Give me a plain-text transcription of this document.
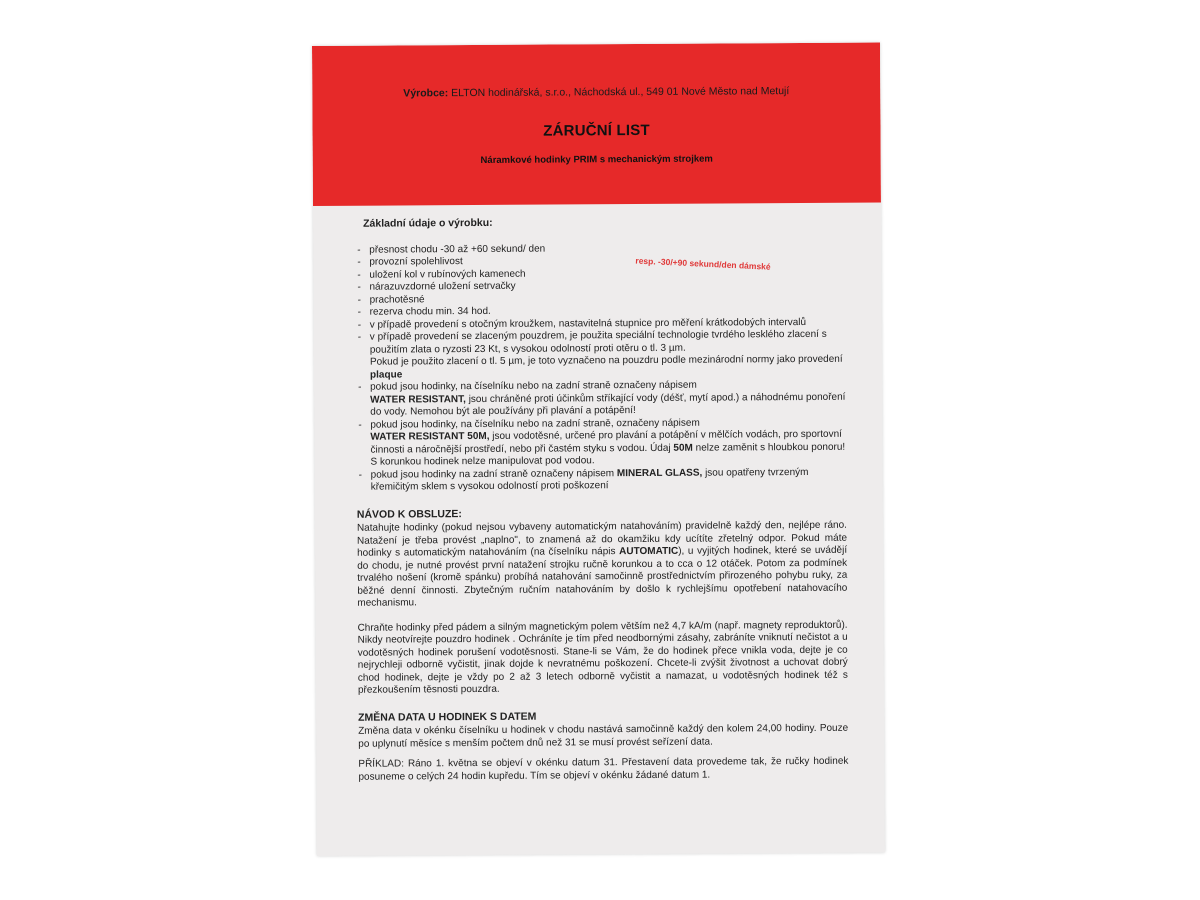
Výrobce: ELTON hodinářská, s.r.o., Náchodská ul., 549 01 Nové Město nad Metují
ZÁRUČNÍ LIST
Náramkové hodinky PRIM s mechanickým strojkem
resp. -30/+90 sekund/den dámské
Základní údaje o výrobku:
- přesnost chodu -30 až +60 sekund/ den
- provozní spolehlivost
- uložení kol v rubínových kamenech
- nárazuvzdorné uložení setrvačky
- prachotěsné
- rezerva chodu min. 34 hod.
- v případě provedení s otočným kroužkem, nastavitelná stupnice pro měření krátkodobých intervalů
- v případě provedení se zlaceným pouzdrem, je použita speciální technologie tvrdého lesklého zlacení s použitím zlata o ryzosti 23 Kt, s vysokou odolností proti otěru o tl. 3 µm.
Pokud je použito zlacení o tl. 5 µm, je toto vyznačeno na pouzdru podle mezinárodní normy jako provedení plaque
- pokud jsou hodinky, na číselníku nebo na zadní straně označeny nápisem
WATER RESISTANT, jsou chráněné proti účinkům stříkající vody (déšť, mytí apod.) a náhodnému ponoření do vody. Nemohou být ale používány při plavání a potápění!
- pokud jsou hodinky, na číselníku nebo na zadní straně, označeny nápisem
WATER RESISTANT 50M, jsou vodotěsné, určené pro plavání a potápění v mělčích vodách, pro sportovní činnosti a náročnější prostředí, nebo při častém styku s vodou. Údaj 50M nelze zaměnit s hloubkou ponoru! S korunkou hodinek nelze manipulovat pod vodou.
- pokud jsou hodinky na zadní straně označeny nápisem MINERAL GLASS, jsou opatřeny tvrzeným křemičitým sklem s vysokou odolností proti poškození
NÁVOD K OBSLUZE:

Natahujte hodinky (pokud nejsou vybaveny automatickým natahováním) pravidelně každý den, nejlépe ráno. Natažení je třeba provést „naplno", to znamená až do okamžiku kdy ucítíte zřetelný odpor. Pokud máte hodinky s automatickým natahováním (na číselníku nápis AUTOMATIC), u vyjitých hodinek, které se uvádějí do chodu, je nutné provést první natažení strojku ručně korunkou a to cca o 12 otáček. Potom za podmínek trvalého nošení (kromě spánku) probíhá natahování samočinně prostřednictvím přirozeného pohybu ruky, za běžné denní činnosti. Zbytečným ručním natahováním by došlo k rychlejšímu opotřebení natahovacího mechanismu.

Chraňte hodinky před pádem a silným magnetickým polem větším než 4,7 kA/m (např. magnety reproduktorů). Nikdy neotvírejte pouzdro hodinek . Ochráníte je tím před neodbornými zásahy, zabráníte vniknutí nečistot a u vodotěsných hodinek porušení vodotěsnosti. Stane-li se Vám, že do hodinek přece vnikla voda, dejte je co nejrychleji odborně vyčistit, jinak dojde k nevratnému poškození. Chcete-li zvýšit životnost a uchovat dobrý chod hodinek, dejte je vždy po 2 až 3 letech odborně vyčistit a namazat, u vodotěsných hodinek též s přezkoušením těsnosti pouzdra.

ZMĚNA DATA U HODINEK S DATEM

Změna data v okénku číselníku u hodinek v chodu nastává samočinně každý den kolem 24,00 hodiny. Pouze po uplynutí měsíce s menším počtem dnů než 31 se musí provést seřízení data.

PŘÍKLAD: Ráno 1. května se objeví v okénku datum 31. Přestavení data provedeme tak, že ručky hodinek posuneme o celých 24 hodin kupředu. Tím se objeví v okénku žádané datum 1.
